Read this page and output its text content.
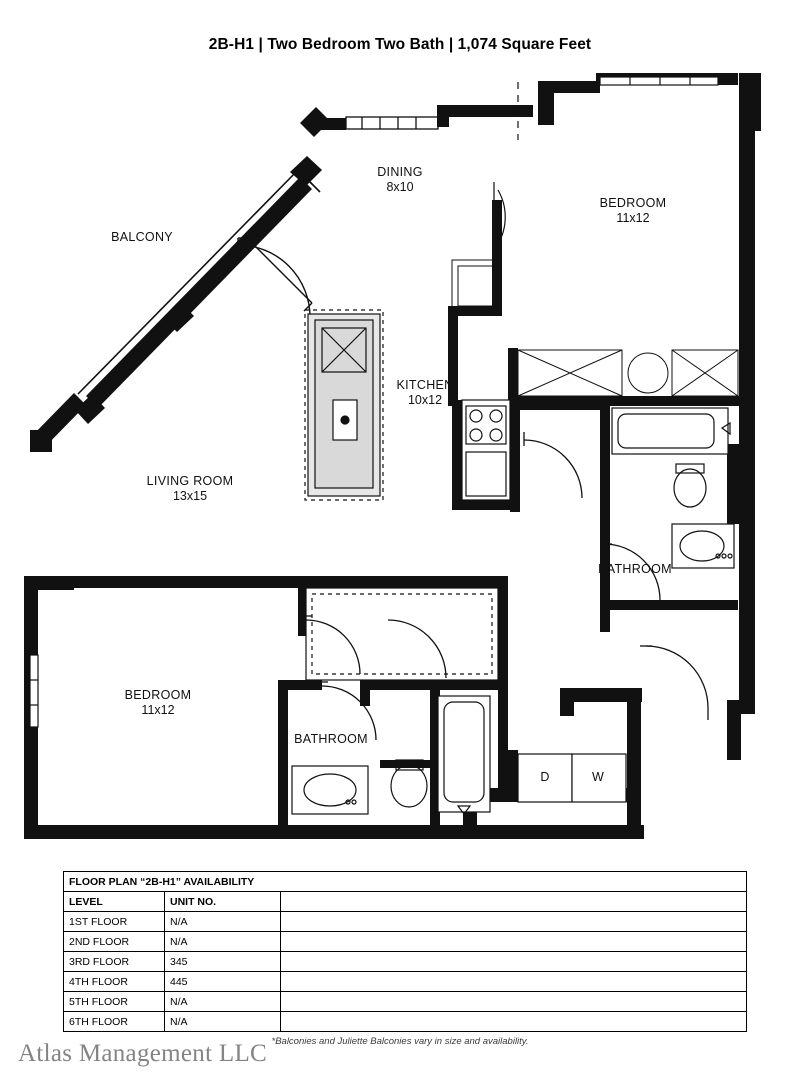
2B-H1 | Two Bedroom Two Bath | 1,074 Square Feet
D	W
BALCONY
DINING
8x10
BEDROOM
11x12
KITCHEN
10x12
LIVING ROOM
13x15
BATHROOM
BEDROOM
11x12
BATHROOM
FLOOR PLAN “2B-H1” AVAILABILITY		
LEVEL	UNIT NO.	
1ST FLOOR	N/A	
2ND FLOOR	N/A	
3RD FLOOR	345	
4TH FLOOR	445	
5TH FLOOR	N/A	
6TH FLOOR	N/A	
*Balconies and Juliette Balconies vary in size and availability.
Atlas Management LLC
